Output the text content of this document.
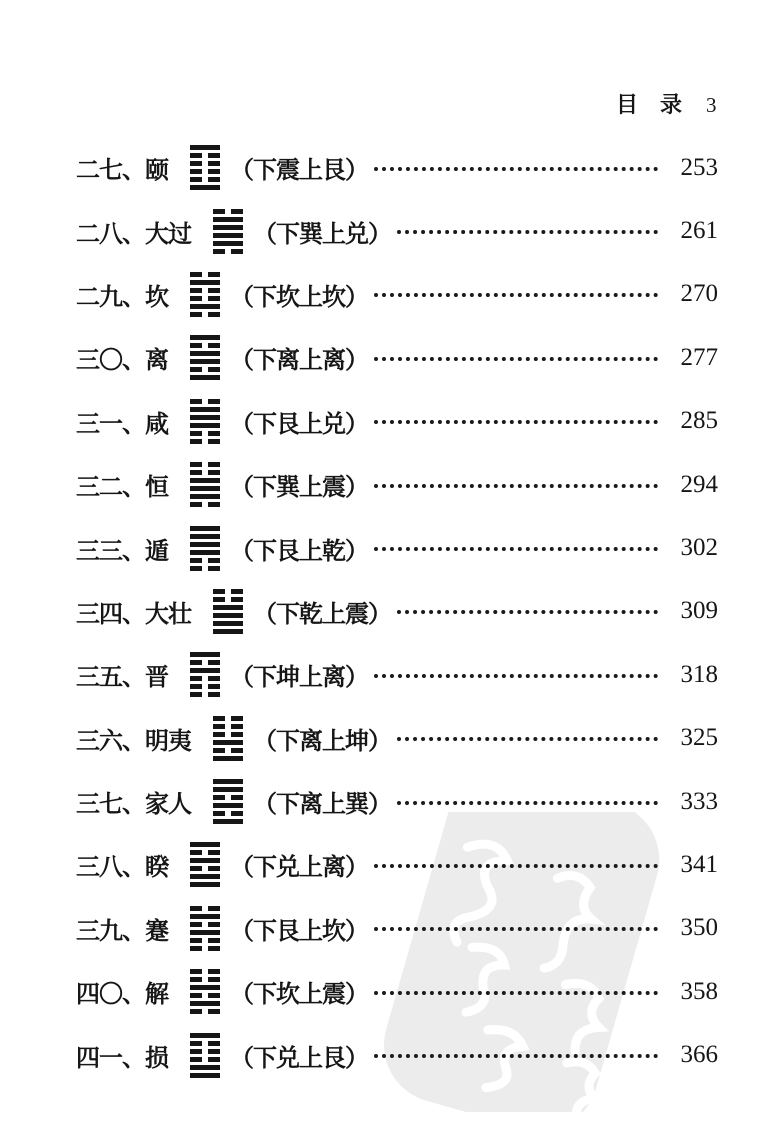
目　录 3
二七、颐	（下震上艮）	253
二八、大过	（下巽上兑）	261
二九、坎	（下坎上坎）	270
三〇、离	（下离上离）	277
三一、咸	（下艮上兑）	285
三二、恒	（下巽上震）	294
三三、遁	（下艮上乾）	302
三四、大壮	（下乾上震）	309
三五、晋	（下坤上离）	318
三六、明夷	（下离上坤）	325
三七、家人	（下离上巽）	333
三八、睽	（下兑上离）	341
三九、蹇	（下艮上坎）	350
四〇、解	（下坎上震）	358
四一、损	（下兑上艮）	366
